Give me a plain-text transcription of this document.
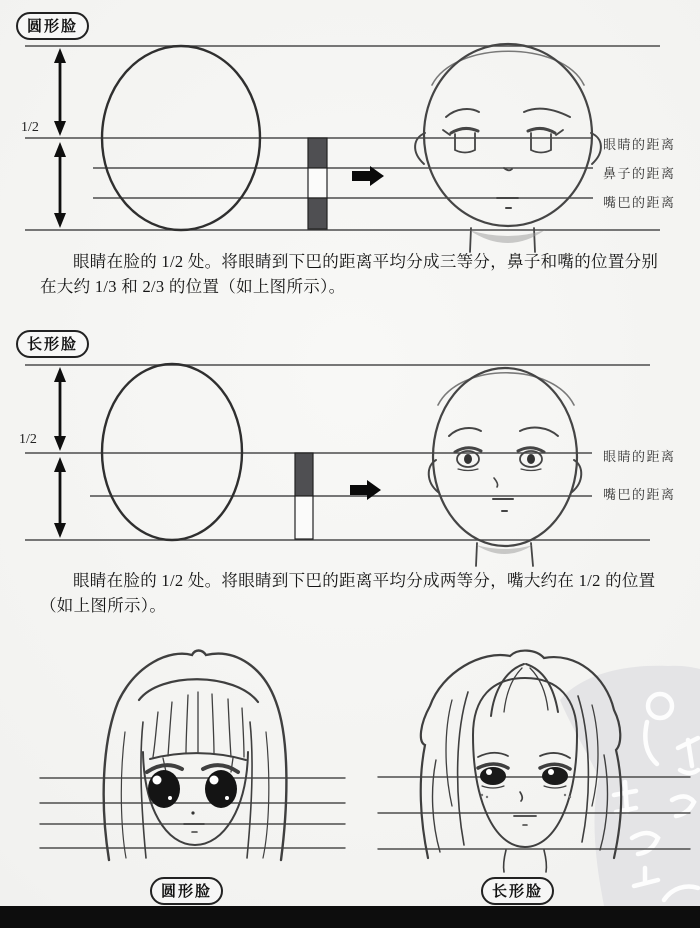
圆形脸
1/2
眼睛的距离
鼻子的距离
嘴巴的距离

眼睛在脸的 1/2 处。将眼睛到下巴的距离平均分成三等分，鼻子和嘴的位置分别在大约 1/3 和 2/3 的位置（如上图所示）。

长形脸
1/2
眼睛的距离
嘴巴的距离

眼睛在脸的 1/2 处。将眼睛到下巴的距离平均分成两等分，嘴大约在 1/2 的位置（如上图所示）。

圆形脸	长形脸
